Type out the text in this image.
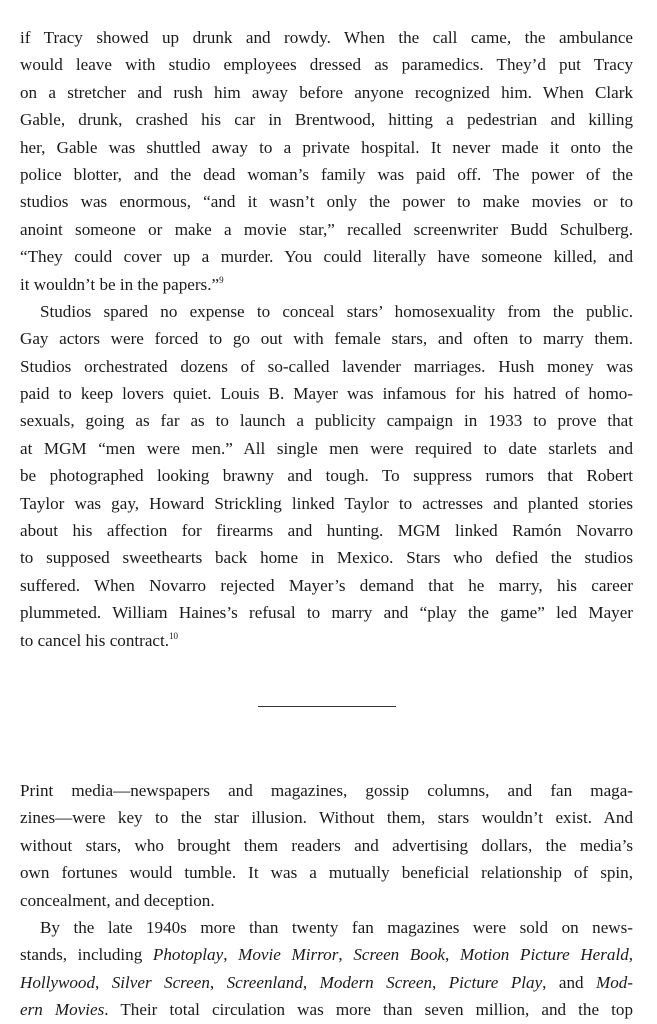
if Tracy showed up drunk and rowdy. When the call came, the ambulance
would leave with studio employees dressed as paramedics. They’d put Tracy
on a stretcher and rush him away before anyone recognized him. When Clark
Gable, drunk, crashed his car in Brentwood, hitting a pedestrian and killing
her, Gable was shuttled away to a private hospital. It never made it onto the
police blotter, and the dead woman’s family was paid off. The power of the
studios was enormous, “and it wasn’t only the power to make movies or to
anoint someone or make a movie star,” recalled screenwriter Budd Schulberg.
“They could cover up a murder. You could literally have someone killed, and
it wouldn’t be in the papers.”$^9$
Studios spared no expense to conceal stars’ homosexuality from the public.
Gay actors were forced to go out with female stars, and often to marry them.
Studios orchestrated dozens of so-called lavender marriages. Hush money was
paid to keep lovers quiet. Louis B. Mayer was infamous for his hatred of homo-
sexuals, going as far as to launch a publicity campaign in 1933 to prove that
at MGM “men were men.” All single men were required to date starlets and
be photographed looking brawny and tough. To suppress rumors that Robert
Taylor was gay, Howard Strickling linked Taylor to actresses and planted stories
about his affection for firearms and hunting. MGM linked Ramón Novarro
to supposed sweethearts back home in Mexico. Stars who defied the studios
suffered. When Novarro rejected Mayer’s demand that he marry, his career
plummeted. William Haines’s refusal to marry and “play the game” led Mayer
to cancel his contract.$^{10}$
Print media—newspapers and magazines, gossip columns, and fan maga-
zines—were key to the star illusion. Without them, stars wouldn’t exist. And
without stars, who brought them readers and advertising dollars, the media’s
own fortunes would tumble. It was a mutually beneficial relationship of spin,
concealment, and deception.
By the late 1940s more than twenty fan magazines were sold on news-
stands, including Photoplay, Movie Mirror, Screen Book, Motion Picture Herald,
Hollywood, Silver Screen, Screenland, Modern Screen, Picture Play, and Mod-
ern Movies. Their total circulation was more than seven million, and the top
